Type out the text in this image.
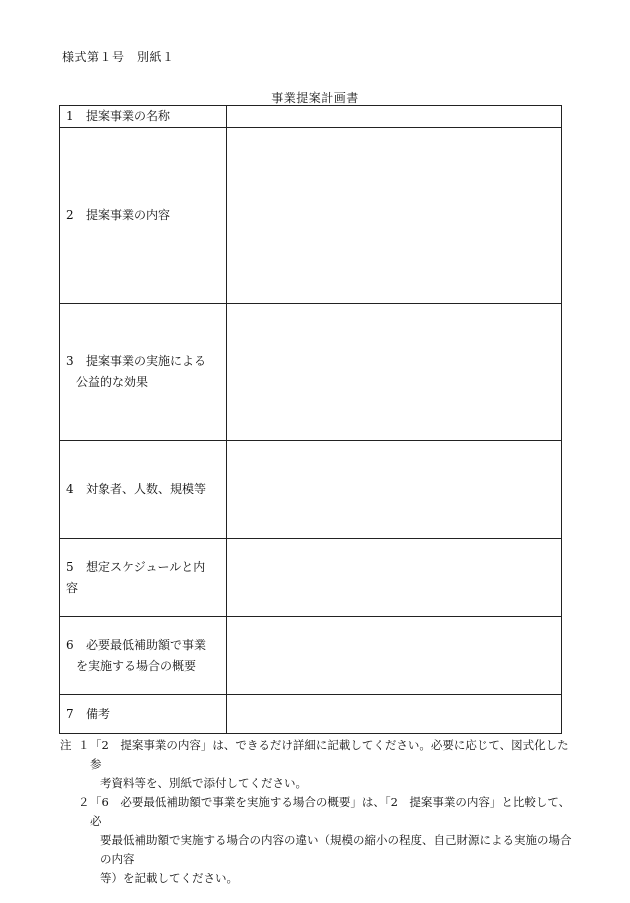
様式第１号　別紙１
事業提案計画書
1 提案事業の名称	
2 提案事業の内容	
3 提案事業の実施による
公益的な効果	

4 対象者、人数、規模等	
5 想定スケジュールと内
容	

6 必要最低補助額で事業
を実施する場合の概要	

7 備考	
注 １ 「2　提案事業の内容」は、できるだけ詳細に記載してください。必要に応じて、図式化した参
考資料等を、別紙で添付してください。
２ 「6　必要最低補助額で事業を実施する場合の概要」は、「2　提案事業の内容」と比較して、必
要最低補助額で実施する場合の内容の違い（規模の縮小の程度、自己財源による実施の場合の内容
等）を記載してください。
